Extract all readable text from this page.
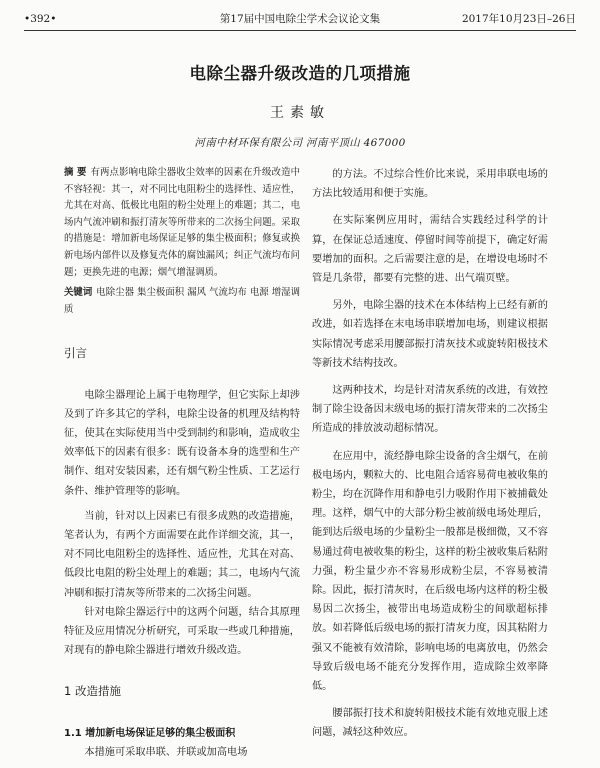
•392•	第17届中国电除尘学术会议论文集	2017年10月23日–26日
电除尘器升级改造的几项措施
王素敏
河南中材环保有限公司 河南平顶山 467000
摘 要 有两点影响电除尘器收尘效率的因素在升级改造中不容轻视：其一，对不同比电阻粉尘的选择性、适应性，尤其在对高、低极比电阻的粉尘处理上的难题；其二，电场内气流冲刷和振打清灰等所带来的二次扬尘问题。采取的措施是：增加新电场保证足够的集尘极面积；修复或换新电场内部件以及修复壳体的腐蚀漏风；纠正气流均布问题；更换先进的电源；烟气增湿调质。
关键词 电除尘器 集尘极面积 漏风 气流均布 电源 增湿调质
引言

电除尘器理论上属于电物理学，但它实际上却涉及到了许多其它的学科，电除尘设备的机理及结构特征，使其在实际使用当中受到制约和影响，造成收尘效率低下的因素有很多：既有设备本身的选型和生产制作、组对安装因素，还有烟气粉尘性质、工艺运行条件、维护管理等的影响。

当前，针对以上因素已有很多成熟的改造措施，笔者认为，有两个方面需要在此作详细交流，其一，对不同比电阻粉尘的选择性、适应性，尤其在对高、低段比电阻的粉尘处理上的难题；其二，电场内气流冲刷和振打清灰等所带来的二次扬尘问题。

针对电除尘器运行中的这两个问题，结合其原理特征及应用情况分析研究，可采取一些或几种措施，对现有的静电除尘器进行增效升级改造。

1 改造措施
1.1 增加新电场保证足够的集尘极面积

本措施可采取串联、并联或加高电场

的方法。不过综合性价比来说，采用串联电场的方法比较适用和便于实施。

在实际案例应用时，需结合实践经过科学的计算，在保证总适速度、停留时间等前提下，确定好需要增加的面积。之后需要注意的是，在增设电场时不管是几条带，都要有完整的进、出气端页壁。

另外，电除尘器的技术在本体结构上已经有新的改进，如若选择在末电场串联增加电场，则建议根据实际情况考虑采用腰部振打清灰技术或旋转阳极技术等新技术结构技改。

这两种技术，均是针对清灰系统的改进，有效控制了除尘设备因末级电场的振打清灰带来的二次扬尘所造成的排放波动超标情况。

在应用中，流经静电除尘设备的含尘烟气，在前极电场内，颗粒大的、比电阻合适容易荷电被收集的粉尘，均在沉降作用和静电引力吸附作用下被捕截处理。这样，烟气中的大部分粉尘被前级电场处理后，能到达后级电场的少量粉尘一般都是极细微，又不容易通过荷电被收集的粉尘，这样的粉尘被收集后粘附力强，粉尘量少亦不容易形成粉尘层，不容易被清除。因此，振打清灰时，在后级电场内这样的粉尘极易因二次扬尘，被带出电场造成粉尘的间歇超标排放。如若降低后级电场的振打清灰力度，因其粘附力强又不能被有效清除，影响电场的电离放电，仍然会导致后级电场不能充分发挥作用，造成除尘效率降低。

腰部振打技术和旋转阳极技术能有效地克服上述问题，减轻这种效应。
